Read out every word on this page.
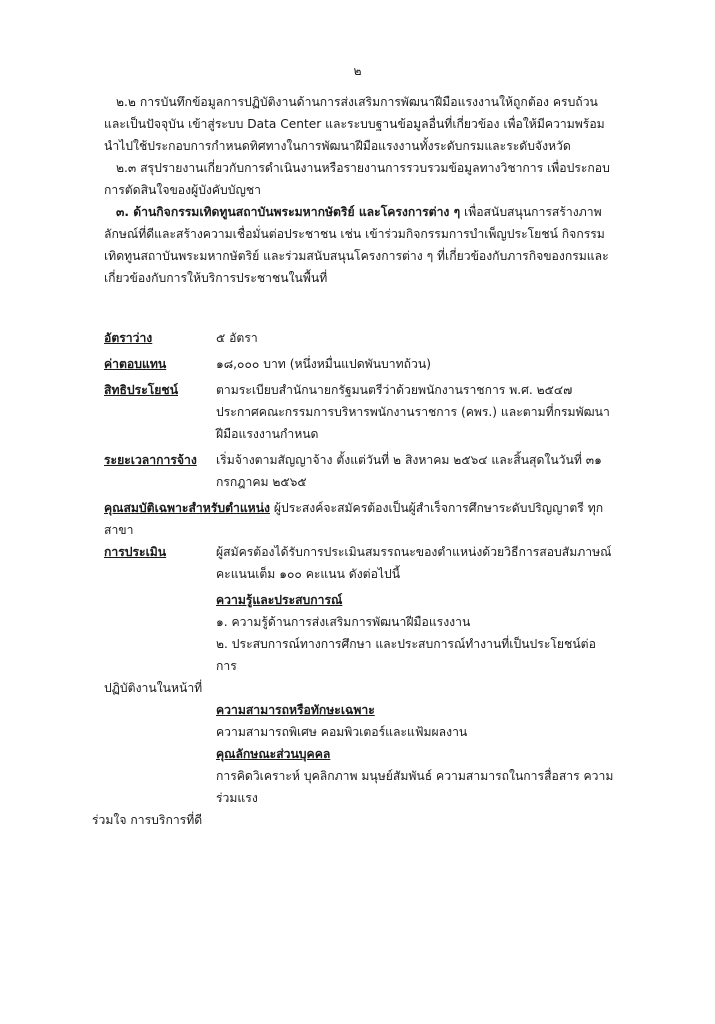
๒

๒.๒ การบันทึกข้อมูลการปฏิบัติงานด้านการส่งเสริมการพัฒนาฝีมือแรงงานให้ถูกต้อง ครบถ้วน และเป็นปัจจุบัน เข้าสู่ระบบ Data Center และระบบฐานข้อมูลอื่นที่เกี่ยวข้อง เพื่อให้มีความพร้อมนำไปใช้ประกอบการกำหนดทิศทางในการพัฒนาฝีมือแรงงานทั้งระดับกรมและระดับจังหวัด

๒.๓ สรุปรายงานเกี่ยวกับการดำเนินงานหรือรายงานการรวบรวมข้อมูลทางวิชาการ เพื่อประกอบการตัดสินใจของผู้บังคับบัญชา

๓. ด้านกิจกรรมเทิดทูนสถาบันพระมหากษัตริย์ และโครงการต่าง ๆ เพื่อสนับสนุนการสร้างภาพลักษณ์ที่ดีและสร้างความเชื่อมั่นต่อประชาชน เช่น เข้าร่วมกิจกรรมการบำเพ็ญประโยชน์ กิจกรรมเทิดทูนสถาบันพระมหากษัตริย์ และร่วมสนับสนุนโครงการต่าง ๆ ที่เกี่ยวข้องกับภารกิจของกรมและเกี่ยวข้องกับการให้บริการประชาชนในพื้นที่

อัตราว่าง	๕ อัตรา
ค่าตอบแทน	๑๘,๐๐๐ บาท (หนึ่งหมื่นแปดพันบาทถ้วน)
สิทธิประโยชน์	ตามระเบียบสำนักนายกรัฐมนตรีว่าด้วยพนักงานราชการ พ.ศ. ๒๕๔๗ ประกาศคณะกรรมการบริหารพนักงานราชการ (คพร.) และตามที่กรมพัฒนาฝีมือแรงงานกำหนด
ระยะเวลาการจ้าง	เริ่มจ้างตามสัญญาจ้าง ตั้งแต่วันที่ ๒ สิงหาคม ๒๕๖๔ และสิ้นสุดในวันที่ ๓๑ กรกฎาคม ๒๕๖๕

คุณสมบัติเฉพาะสำหรับตำแหน่ง ผู้ประสงค์จะสมัครต้องเป็นผู้สำเร็จการศึกษาระดับปริญญาตรี ทุกสาขา

การประเมิน	ผู้สมัครต้องได้รับการประเมินสมรรถนะของตำแหน่งด้วยวิธีการสอบสัมภาษณ์
คะแนนเต็ม ๑๐๐ คะแนน ดังต่อไปนี้
ความรู้และประสบการณ์
๑. ความรู้ด้านการส่งเสริมการพัฒนาฝีมือแรงงาน
๒. ประสบการณ์ทางการศึกษา และประสบการณ์ทำงานที่เป็นประโยชน์ต่อการ
ปฏิบัติงานในหน้าที่
ความสามารถหรือทักษะเฉพาะ
ความสามารถพิเศษ คอมพิวเตอร์และแฟ้มผลงาน
คุณลักษณะส่วนบุคคล
การคิดวิเคราะห์ บุคลิกภาพ มนุษย์สัมพันธ์ ความสามารถในการสื่อสาร ความร่วมแรง
ร่วมใจ การบริการที่ดี
